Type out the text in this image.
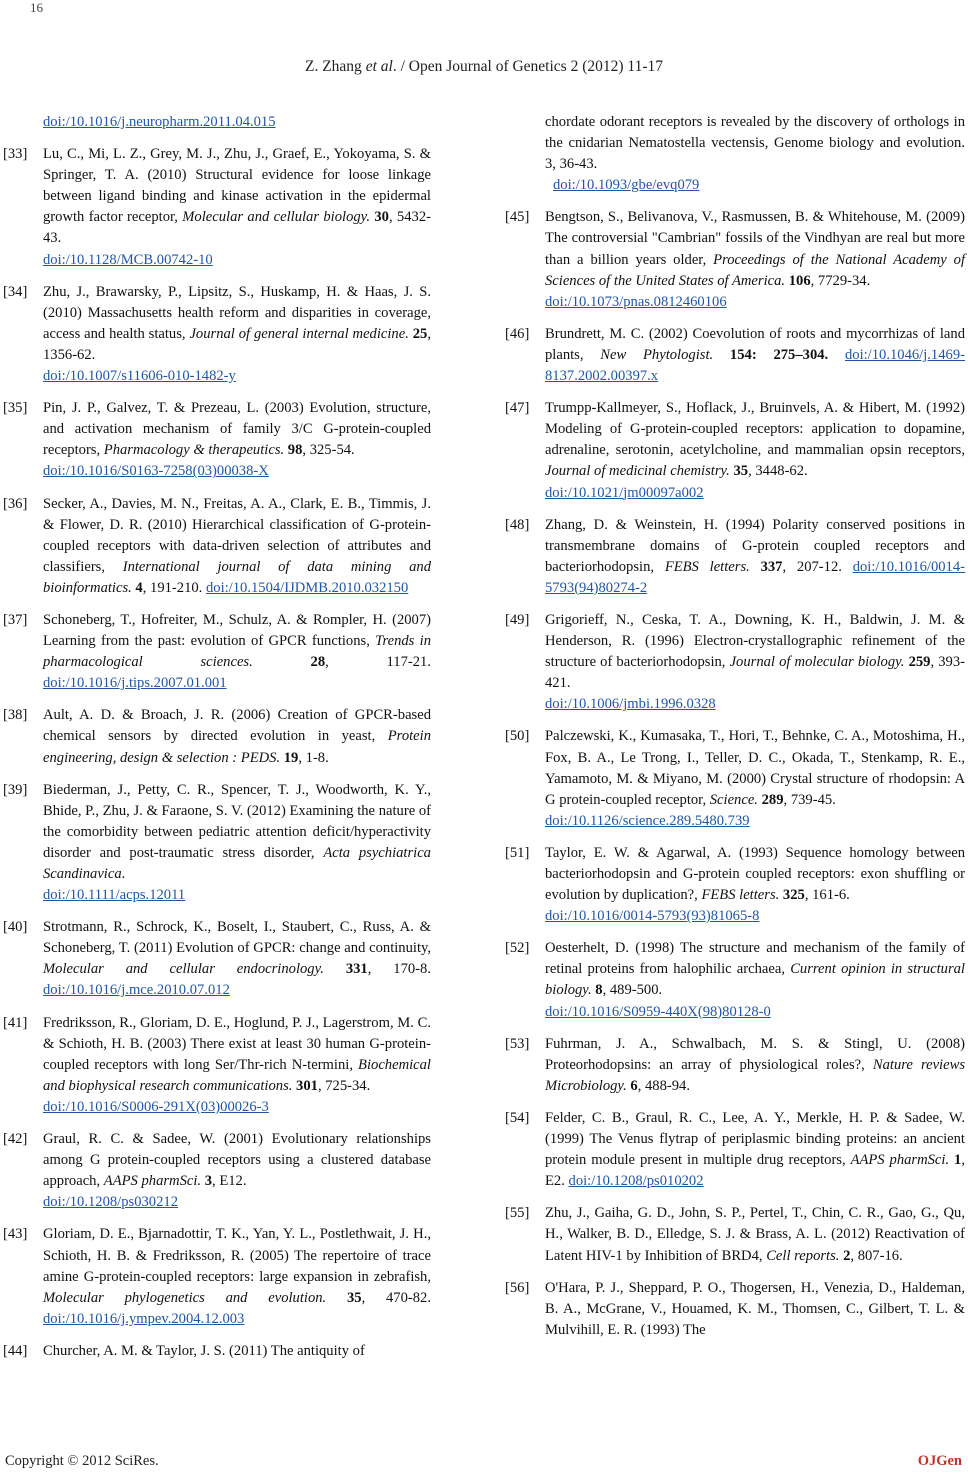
16
Z. Zhang et al. / Open Journal of Genetics 2 (2012) 11-17
doi:/10.1016/j.neuropharm.2011.04.015
[33] Lu, C., Mi, L. Z., Grey, M. J., Zhu, J., Graef, E., Yokoyama, S. & Springer, T. A. (2010) Structural evidence for loose linkage between ligand binding and kinase activation in the epidermal growth factor receptor, Molecular and cellular biology. 30, 5432-43.
doi:/10.1128/MCB.00742-10
[34] Zhu, J., Brawarsky, P., Lipsitz, S., Huskamp, H. & Haas, J. S. (2010) Massachusetts health reform and disparities in coverage, access and health status, Journal of general internal medicine. 25, 1356-62.
doi:/10.1007/s11606-010-1482-y
[35] Pin, J. P., Galvez, T. & Prezeau, L. (2003) Evolution, structure, and activation mechanism of family 3/C G-protein-coupled receptors, Pharmacology & therapeutics. 98, 325-54.
doi:/10.1016/S0163-7258(03)00038-X
[36] Secker, A., Davies, M. N., Freitas, A. A., Clark, E. B., Timmis, J. & Flower, D. R. (2010) Hierarchical classification of G-protein-coupled receptors with data-driven selection of attributes and classifiers, International journal of data mining and bioinformatics. 4, 191-210. doi:/10.1504/IJDMB.2010.032150
[37] Schoneberg, T., Hofreiter, M., Schulz, A. & Rompler, H. (2007) Learning from the past: evolution of GPCR functions, Trends in pharmacological sciences. 28, 117-21. doi:/10.1016/j.tips.2007.01.001
[38] Ault, A. D. & Broach, J. R. (2006) Creation of GPCR-based chemical sensors by directed evolution in yeast, Protein engineering, design & selection : PEDS. 19, 1-8.
[39] Biederman, J., Petty, C. R., Spencer, T. J., Woodworth, K. Y., Bhide, P., Zhu, J. & Faraone, S. V. (2012) Examining the nature of the comorbidity between pediatric attention deficit/hyperactivity disorder and post-traumatic stress disorder, Acta psychiatrica Scandinavica.
doi:/10.1111/acps.12011
[40] Strotmann, R., Schrock, K., Boselt, I., Staubert, C., Russ, A. & Schoneberg, T. (2011) Evolution of GPCR: change and continuity, Molecular and cellular endocrinology. 331, 170-8. doi:/10.1016/j.mce.2010.07.012
[41] Fredriksson, R., Gloriam, D. E., Hoglund, P. J., Lagerstrom, M. C. & Schioth, H. B. (2003) There exist at least 30 human G-protein-coupled receptors with long Ser/Thr-rich N-termini, Biochemical and biophysical research communications. 301, 725-34.
doi:/10.1016/S0006-291X(03)00026-3
[42] Graul, R. C. & Sadee, W. (2001) Evolutionary relationships among G protein-coupled receptors using a clustered database approach, AAPS pharmSci. 3, E12.
doi:/10.1208/ps030212
[43] Gloriam, D. E., Bjarnadottir, T. K., Yan, Y. L., Postlethwait, J. H., Schioth, H. B. & Fredriksson, R. (2005) The repertoire of trace amine G-protein-coupled receptors: large expansion in zebrafish, Molecular phylogenetics and evolution. 35, 470-82. doi:/10.1016/j.ympev.2004.12.003
[44] Churcher, A. M. & Taylor, J. S. (2011) The antiquity of
chordate odorant receptors is revealed by the discovery of orthologs in the cnidarian Nematostella vectensis, Genome biology and evolution. 3, 36-43.
doi:/10.1093/gbe/evq079
[45] Bengtson, S., Belivanova, V., Rasmussen, B. & Whitehouse, M. (2009) The controversial "Cambrian" fossils of the Vindhyan are real but more than a billion years older, Proceedings of the National Academy of Sciences of the United States of America. 106, 7729-34.
doi:/10.1073/pnas.0812460106
[46] Brundrett, M. C. (2002) Coevolution of roots and mycorrhizas of land plants, New Phytologist. 154: 275–304. doi:/10.1046/j.1469-8137.2002.00397.x
[47] Trumpp-Kallmeyer, S., Hoflack, J., Bruinvels, A. & Hibert, M. (1992) Modeling of G-protein-coupled receptors: application to dopamine, adrenaline, serotonin, acetylcholine, and mammalian opsin receptors, Journal of medicinal chemistry. 35, 3448-62.
doi:/10.1021/jm00097a002
[48] Zhang, D. & Weinstein, H. (1994) Polarity conserved positions in transmembrane domains of G-protein coupled receptors and bacteriorhodopsin, FEBS letters. 337, 207-12. doi:/10.1016/0014-5793(94)80274-2
[49] Grigorieff, N., Ceska, T. A., Downing, K. H., Baldwin, J. M. & Henderson, R. (1996) Electron-crystallographic refinement of the structure of bacteriorhodopsin, Journal of molecular biology. 259, 393-421.
doi:/10.1006/jmbi.1996.0328
[50] Palczewski, K., Kumasaka, T., Hori, T., Behnke, C. A., Motoshima, H., Fox, B. A., Le Trong, I., Teller, D. C., Okada, T., Stenkamp, R. E., Yamamoto, M. & Miyano, M. (2000) Crystal structure of rhodopsin: A G protein-coupled receptor, Science. 289, 739-45.
doi:/10.1126/science.289.5480.739
[51] Taylor, E. W. & Agarwal, A. (1993) Sequence homology between bacteriorhodopsin and G-protein coupled receptors: exon shuffling or evolution by duplication?, FEBS letters. 325, 161-6.
doi:/10.1016/0014-5793(93)81065-8
[52] Oesterhelt, D. (1998) The structure and mechanism of the family of retinal proteins from halophilic archaea, Current opinion in structural biology. 8, 489-500.
doi:/10.1016/S0959-440X(98)80128-0
[53] Fuhrman, J. A., Schwalbach, M. S. & Stingl, U. (2008) Proteorhodopsins: an array of physiological roles?, Nature reviews Microbiology. 6, 488-94.
[54] Felder, C. B., Graul, R. C., Lee, A. Y., Merkle, H. P. & Sadee, W. (1999) The Venus flytrap of periplasmic binding proteins: an ancient protein module present in multiple drug receptors, AAPS pharmSci. 1, E2. doi:/10.1208/ps010202
[55] Zhu, J., Gaiha, G. D., John, S. P., Pertel, T., Chin, C. R., Gao, G., Qu, H., Walker, B. D., Elledge, S. J. & Brass, A. L. (2012) Reactivation of Latent HIV-1 by Inhibition of BRD4, Cell reports. 2, 807-16.
[56] O'Hara, P. J., Sheppard, P. O., Thogersen, H., Venezia, D., Haldeman, B. A., McGrane, V., Houamed, K. M., Thomsen, C., Gilbert, T. L. & Mulvihill, E. R. (1993) The
Copyright © 2012 SciRes.	OJGen
